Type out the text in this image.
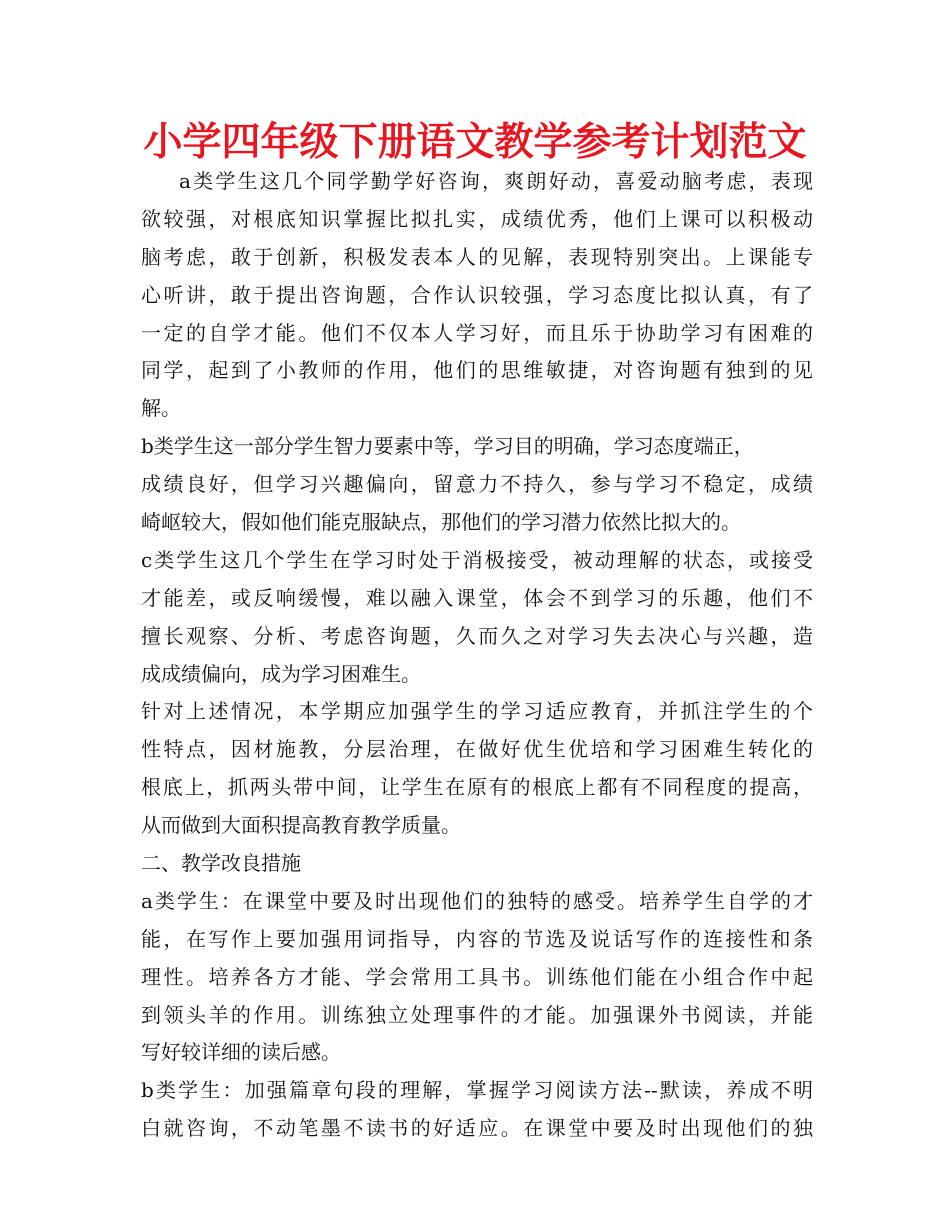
小学四年级下册语文教学参考计划范文
a类学生这几个同学勤学好咨询，爽朗好动，喜爱动脑考虑，表现
欲较强，对根底知识掌握比拟扎实，成绩优秀，他们上课可以积极动
脑考虑，敢于创新，积极发表本人的见解，表现特别突出。上课能专
心听讲，敢于提出咨询题，合作认识较强，学习态度比拟认真，有了
一定的自学才能。他们不仅本人学习好，而且乐于协助学习有困难的
同学，起到了小教师的作用，他们的思维敏捷，对咨询题有独到的见
解。
b类学生这一部分学生智力要素中等，学习目的明确，学习态度端正，
成绩良好，但学习兴趣偏向，留意力不持久，参与学习不稳定，成绩
崎岖较大，假如他们能克服缺点，那他们的学习潜力依然比拟大的。
c类学生这几个学生在学习时处于消极接受，被动理解的状态，或接受
才能差，或反响缓慢，难以融入课堂，体会不到学习的乐趣，他们不
擅长观察、分析、考虑咨询题，久而久之对学习失去决心与兴趣，造
成成绩偏向，成为学习困难生。
针对上述情况，本学期应加强学生的学习适应教育，并抓注学生的个
性特点，因材施教，分层治理，在做好优生优培和学习困难生转化的
根底上，抓两头带中间，让学生在原有的根底上都有不同程度的提高，
从而做到大面积提高教育教学质量。
二、教学改良措施
a类学生：在课堂中要及时出现他们的独特的感受。培养学生自学的才
能，在写作上要加强用词指导，内容的节选及说话写作的连接性和条
理性。培养各方才能、学会常用工具书。训练他们能在小组合作中起
到领头羊的作用。训练独立处理事件的才能。加强课外书阅读，并能
写好较详细的读后感。
b类学生：加强篇章句段的理解，掌握学习阅读方法--默读，养成不明
白就咨询，不动笔墨不读书的好适应。在课堂中要及时出现他们的独
